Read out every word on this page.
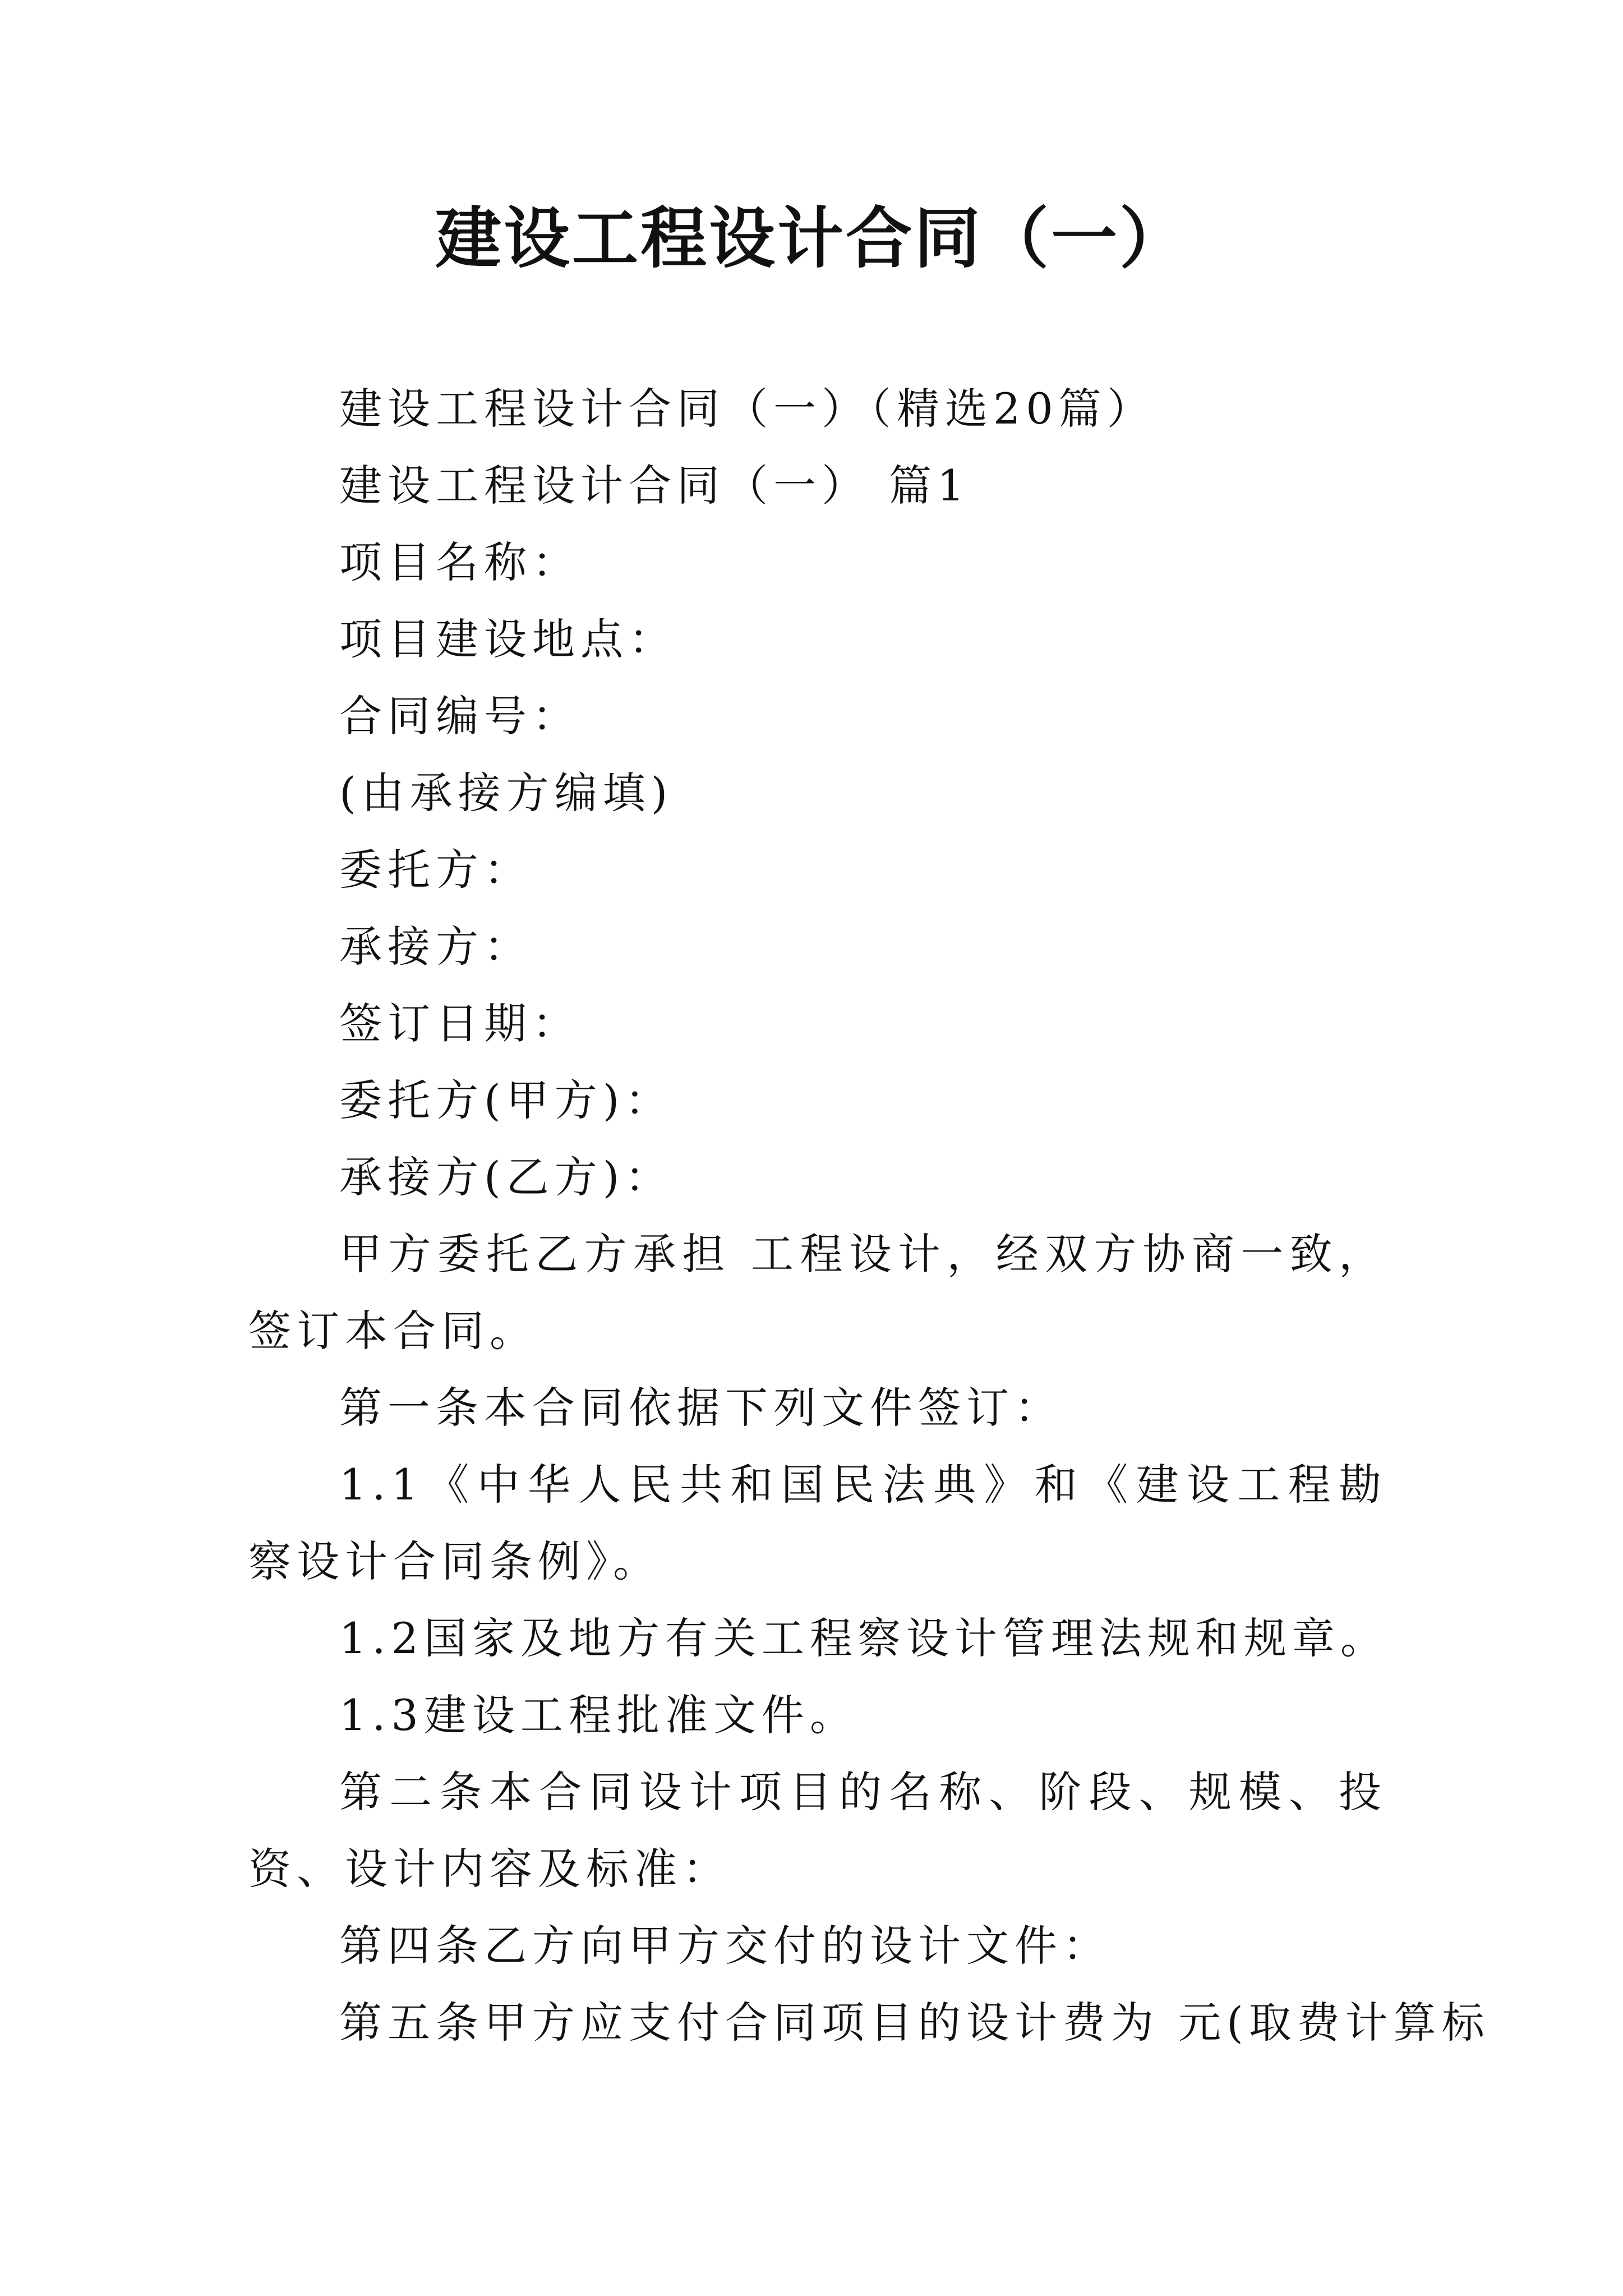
建设工程设计合同（一）

建设工程设计合同（一）（精选20篇）

建设工程设计合同（一） 篇1

项目名称：

项目建设地点：

合同编号：

(由承接方编填)

委托方：

承接方：

签订日期：

委托方(甲方)：

承接方(乙方)：

甲方委托乙方承担 工程设计，经双方协商一致，签订本合同。

第一条本合同依据下列文件签订：

1.1《中华人民共和国民法典》和《建设工程勘察设计合同条例》。

1.2国家及地方有关工程察设计管理法规和规章。

1.3建设工程批准文件。

第二条本合同设计项目的名称、阶段、规模、投资、设计内容及标准：

第四条乙方向甲方交付的设计文件：

第五条甲方应支付合同项目的设计费为 元(取费计算标
